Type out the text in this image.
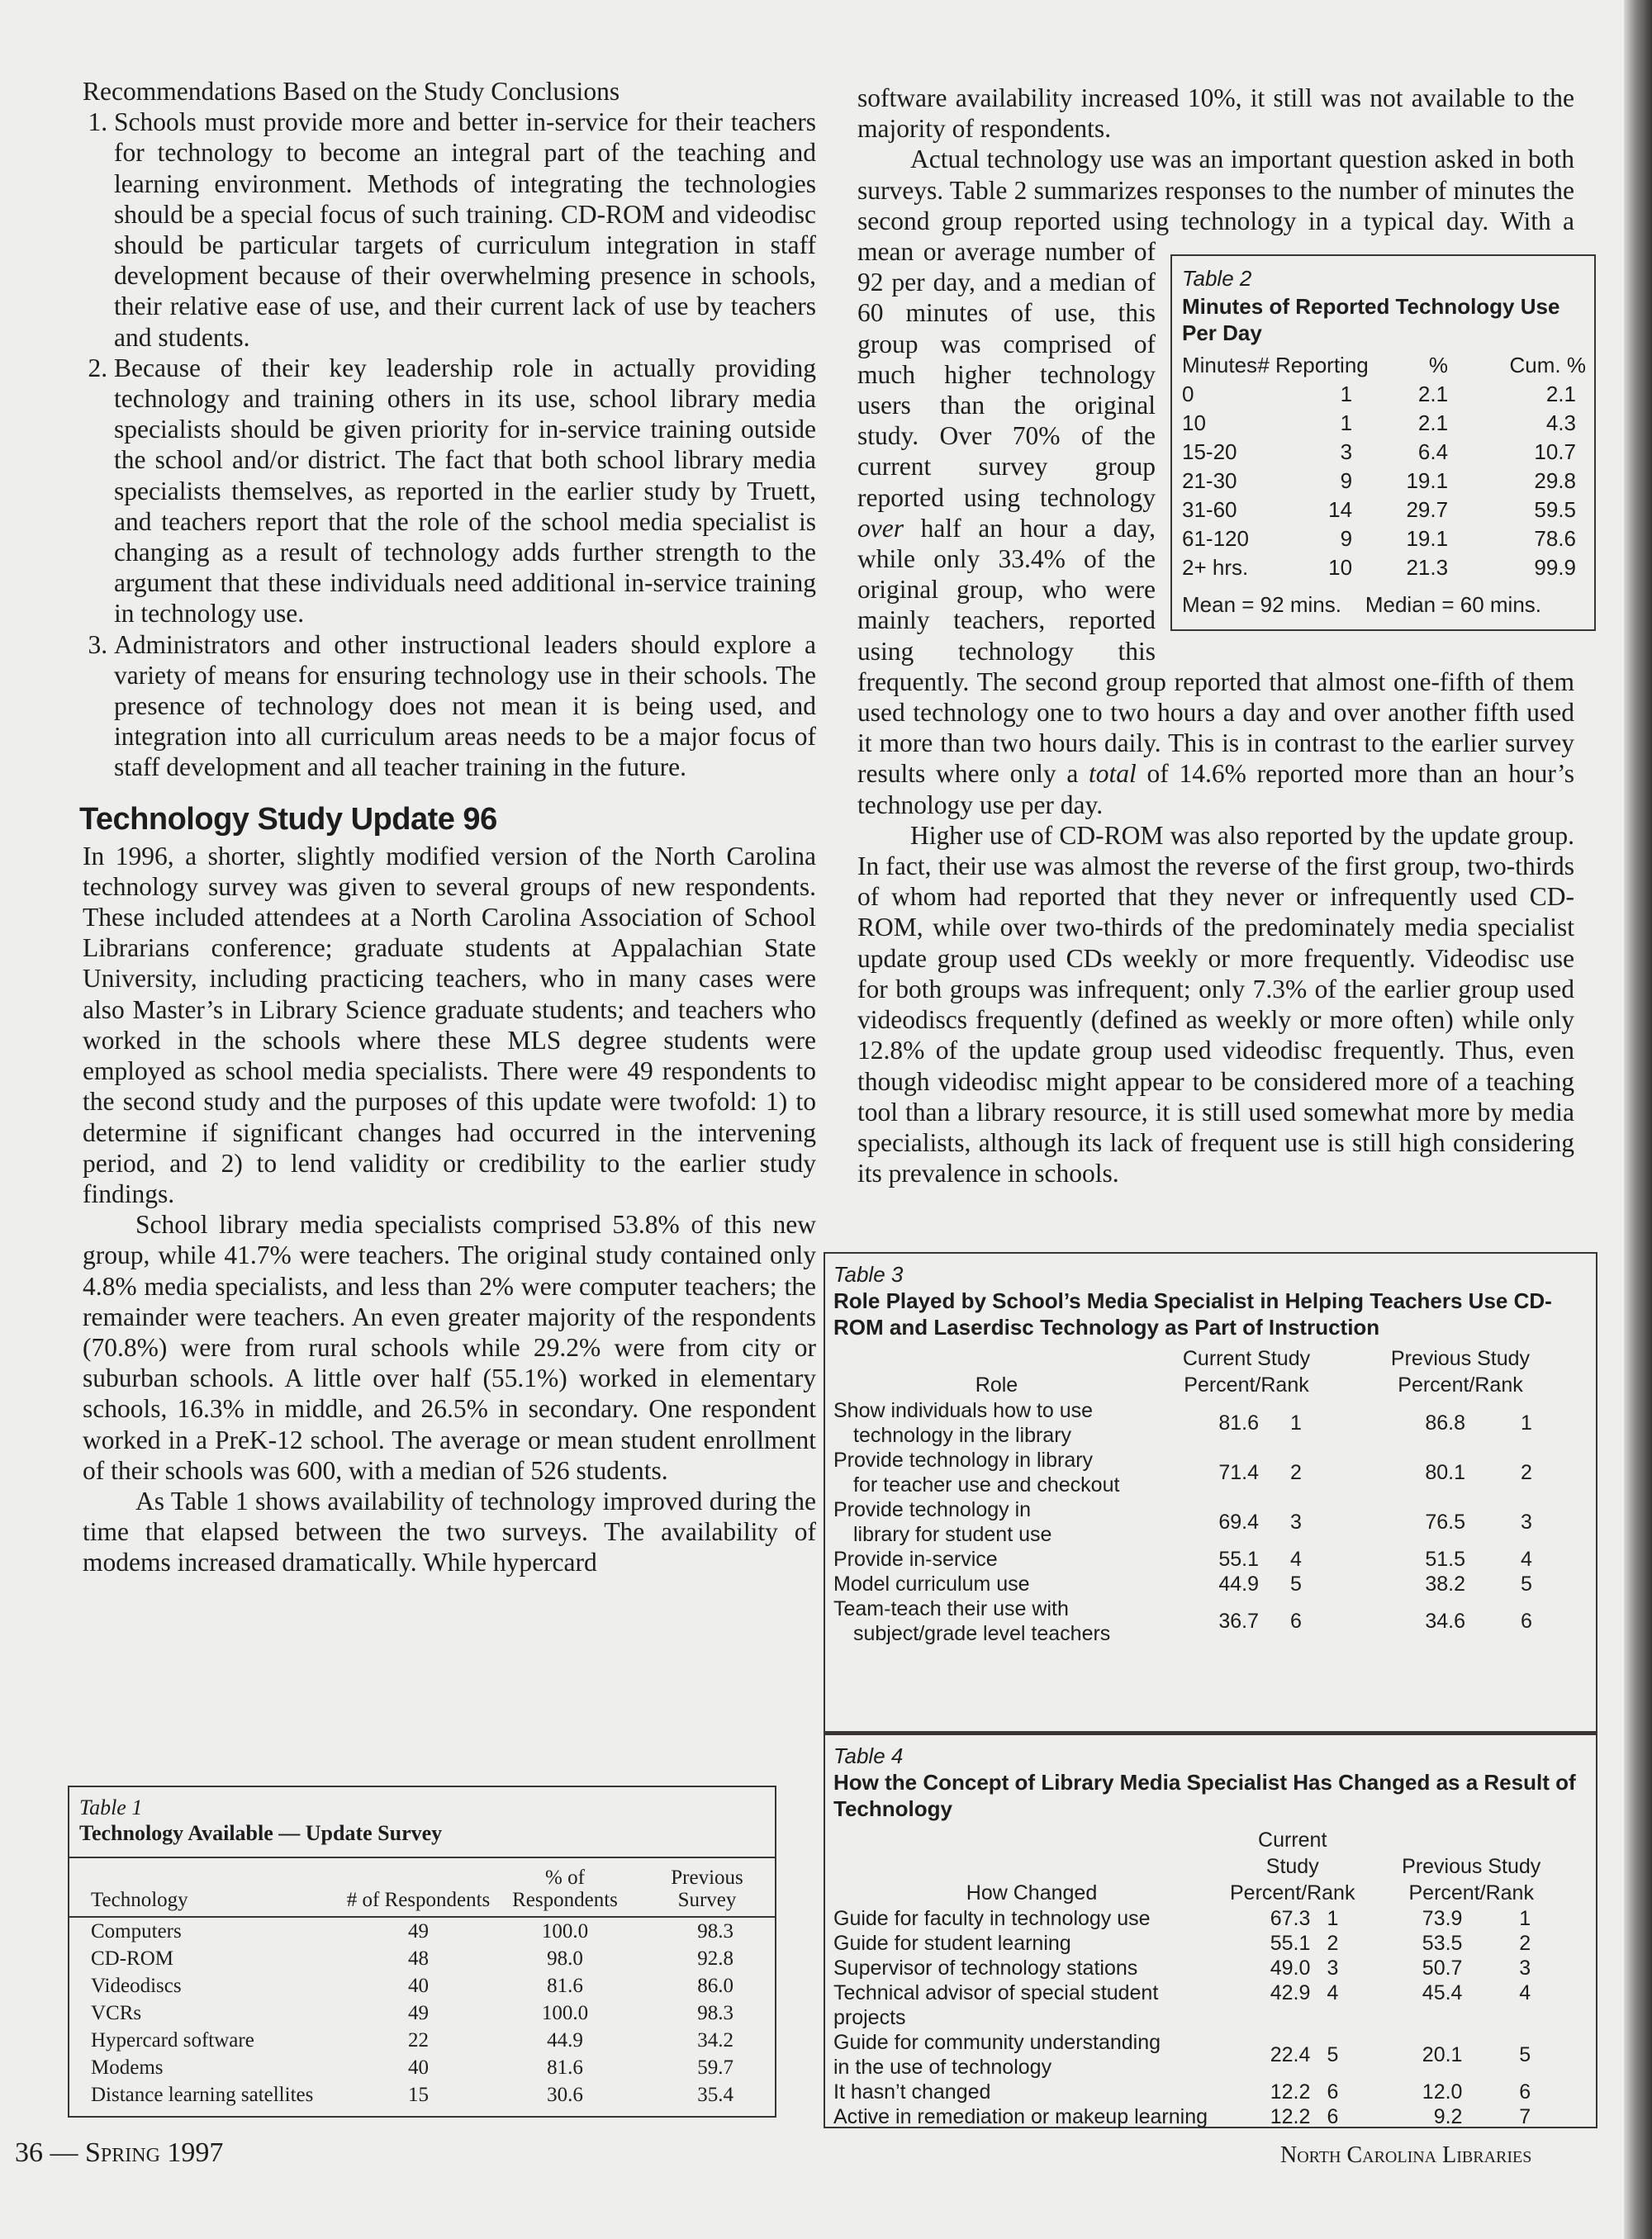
Recommendations Based on the Study Conclusions

1. Schools must provide more and better in-service for their teachers for technology to become an integral part of the teaching and learning environment. Methods of integrating the technologies should be a special focus of such training. CD-ROM and videodisc should be particular targets of curriculum integration in staff development because of their overwhelming presence in schools, their relative ease of use, and their current lack of use by teachers and students.
2. Because of their key leadership role in actually providing technology and training others in its use, school library media specialists should be given priority for in-service training outside the school and/or district. The fact that both school library media specialists themselves, as reported in the earlier study by Truett, and teachers report that the role of the school media specialist is changing as a result of technology adds further strength to the argument that these individuals need additional in-service training in technology use.
3. Administrators and other instructional leaders should explore a variety of means for ensuring technology use in their schools. The presence of technology does not mean it is being used, and integration into all curriculum areas needs to be a major focus of staff development and all teacher training in the future.
Technology Study Update 96

In 1996, a shorter, slightly modified version of the North Carolina technology survey was given to several groups of new respondents. These included attendees at a North Carolina Association of School Librarians conference; graduate students at Appalachian State University, including practicing teachers, who in many cases were also Master’s in Library Science graduate students; and teachers who worked in the schools where these MLS degree students were employed as school media specialists. There were 49 respondents to the second study and the purposes of this update were twofold: 1) to determine if significant changes had occurred in the intervening period, and 2) to lend validity or credibility to the earlier study findings.

School library media specialists comprised 53.8% of this new group, while 41.7% were teachers. The original study contained only 4.8% media specialists, and less than 2% were computer teachers; the remainder were teachers. An even greater majority of the respondents (70.8%) were from rural schools while 29.2% were from city or suburban schools. A little over half (55.1%) worked in elementary schools, 16.3% in middle, and 26.5% in secondary. One respondent worked in a PreK-12 school. The average or mean student enrollment of their schools was 600, with a median of 526 students.

As Table 1 shows availability of technology improved during the time that elapsed between the two surveys. The availability of modems increased dramatically. While hypercard

Table 1
Technology Available — Update Survey
Technology	# of Respondents	% of Respondents	Previous Survey
Computers	49	100.0	98.3
CD-ROM	48	98.0	92.8
Videodiscs	40	81.6	86.0
VCRs	49	100.0	98.3
Hypercard software	22	44.9	34.2
Modems	40	81.6	59.7
Distance learning satellites	15	30.6	35.4
Table 2
Minutes of Reported Technology Use Per Day
Minutes	# Reporting	%	Cum. %
0	1	2.1	2.1
10	1	2.1	4.3
15-20	3	6.4	10.7
21-30	9	19.1	29.8
31-60	14	29.7	59.5
61-120	9	19.1	78.6
2+ hrs.	10	21.3	99.9
Mean = 92 mins. Median = 60 mins.

software availability increased 10%, it still was not available to the majority of respondents.

Actual technology use was an important question asked in both surveys. Table 2 summarizes responses to the number of minutes the second group reported using technology in a typical day. With a mean or average number of 92 per day, and a median of 60 minutes of use, this group was comprised of much higher technology users than the original study. Over 70% of the current survey group reported using technology over half an hour a day, while only 33.4% of the original group, who were mainly teachers, reported using technology this frequently. The second group reported that almost one-fifth of them used technology one to two hours a day and over another fifth used it more than two hours daily. This is in contrast to the earlier survey results where only a total of 14.6% reported more than an hour’s technology use per day.

Higher use of CD-ROM was also reported by the update group. In fact, their use was almost the reverse of the first group, two-thirds of whom had reported that they never or infrequently used CD-ROM, while over two-thirds of the predominately media specialist update group used CDs weekly or more frequently. Videodisc use for both groups was infrequent; only 7.3% of the earlier group used videodiscs frequently (defined as weekly or more often) while only 12.8% of the update group used videodisc frequently. Thus, even though videodisc might appear to be considered more of a teaching tool than a library resource, it is still used somewhat more by media specialists, although its lack of frequent use is still high considering its prevalence in schools.

Table 3
Role Played by School’s Media Specialist in Helping Teachers Use CD-ROM and Laserdisc Technology as Part of Instruction
Role	Current Study Percent/Rank		Previous Study Percent/Rank	

Show individuals how to use
technology in the library	81.6	1	86.8	1

Provide technology in library
for teacher use and checkout	71.4	2	80.1	2

Provide technology in
library for student use	69.4	3	76.5	3

Provide in-service	55.1	4	51.5	4

Model curriculum use	44.9	5	38.2	5

Team-teach their use with
subject/grade level teachers	36.7	6	34.6	6
Table 4
How the Concept of Library Media Specialist Has Changed as a Result of Technology
How Changed	Current Study Percent/Rank		Previous Study Percent/Rank	

Guide for faculty in technology use	67.3	1	73.9	1

Guide for student learning	55.1	2	53.5	2

Supervisor of technology stations	49.0	3	50.7	3

Technical advisor of special student projects	42.9	4	45.4	4

Guide for community understanding
in the use of technology	22.4	5	20.1	5

It hasn’t changed	12.2	6	12.0	6

Active in remediation or makeup learning	12.2	6	9.2	7
36 — Spring 1997	North Carolina Libraries
